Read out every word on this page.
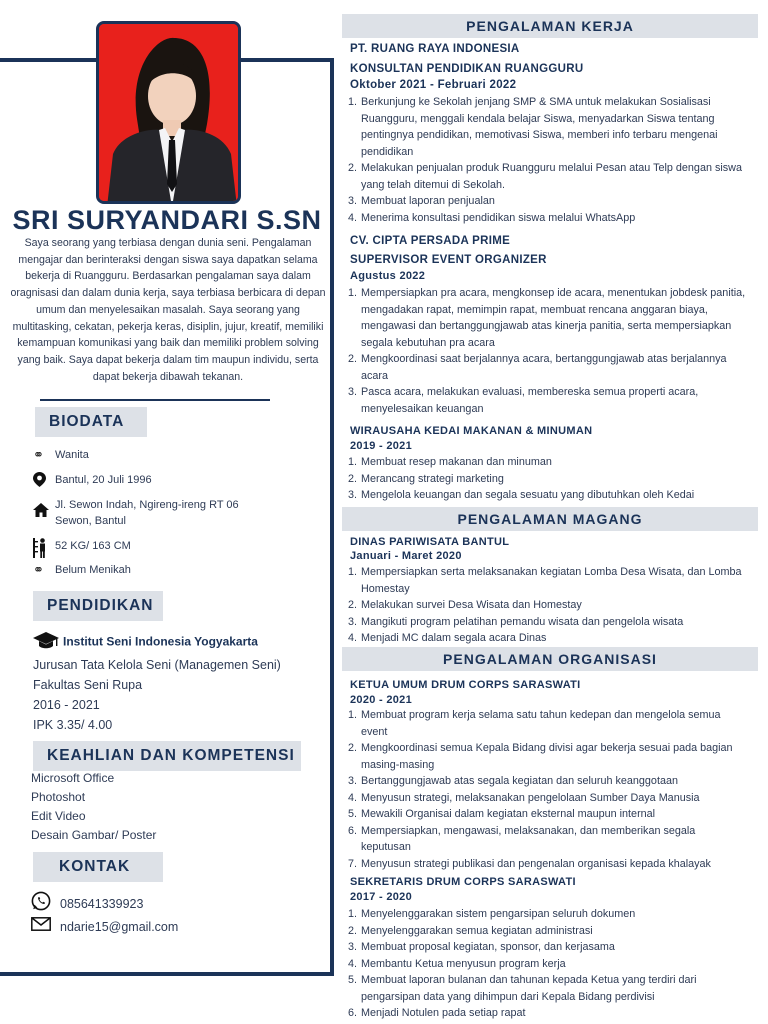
SRI SURYANDARI S.SN
Saya seorang yang terbiasa dengan dunia seni. Pengalaman mengajar dan berinteraksi dengan siswa saya dapatkan selama bekerja di Ruangguru. Berdasarkan pengalaman saya dalam oragnisasi dan dalam dunia kerja, saya terbiasa berbicara di depan umum dan menyelesaikan masalah. Saya seorang yang multitasking, cekatan, pekerja keras, disiplin, jujur, kreatif, memiliki kemampuan komunikasi yang baik dan memiliki problem solving yang baik. Saya dapat bekerja dalam tim maupun individu, serta dapat bekerja dibawah tekanan.
BIODATA
⚭	Wanita
Bantul, 20 Juli 1996
Jl. Sewon Indah, Ngireng-ireng RT 06
Sewon, Bantul
52 KG/ 163 CM
⚭	Belum Menikah
PENDIDIKAN
Institut Seni Indonesia Yogyakarta
Jurusan Tata Kelola Seni (Managemen Seni)
Fakultas Seni Rupa
2016 - 2021
IPK 3.35/ 4.00
KEAHLIAN DAN KOMPETENSI
Microsoft Office
Photoshot
Edit Video
Desain Gambar/ Poster
KONTAK
085641339923
ndarie15@gmail.com
PENGALAMAN KERJA
PT. RUANG RAYA INDONESIA
KONSULTAN PENDIDIKAN RUANGGURU
Oktober 2021 - Februari 2022
1. Berkunjung ke Sekolah jenjang SMP & SMA untuk melakukan Sosialisasi Ruangguru, menggali kendala belajar Siswa, menyadarkan Siswa tentang pentingnya pendidikan, memotivasi Siswa, memberi info terbaru mengenai pendidikan
2. Melakukan penjualan produk Ruangguru melalui Pesan atau Telp dengan siswa yang telah ditemui di Sekolah.
3. Membuat laporan penjualan
4. Menerima konsultasi pendidikan siswa melalui WhatsApp
CV. CIPTA PERSADA PRIME
SUPERVISOR EVENT ORGANIZER
Agustus 2022
1. Mempersiapkan pra acara, mengkonsep ide acara, menentukan jobdesk panitia, mengadakan rapat, memimpin rapat, membuat rencana anggaran biaya, mengawasi dan bertanggungjawab atas kinerja panitia, serta mempersiapkan segala kebutuhan pra acara
2. Mengkoordinasi saat berjalannya acara, bertanggungjawab atas berjalannya acara
3. Pasca acara, melakukan evaluasi, membereska semua properti acara, menyelesaikan keuangan
WIRAUSAHA KEDAI MAKANAN & MINUMAN
2019 - 2021
1. Membuat resep makanan dan minuman
2. Merancang strategi marketing
3. Mengelola keuangan dan segala sesuatu yang dibutuhkan oleh Kedai
PENGALAMAN MAGANG
DINAS PARIWISATA BANTUL
Januari - Maret 2020
1. Mempersiapkan serta melaksanakan kegiatan Lomba Desa Wisata, dan Lomba Homestay
2. Melakukan survei Desa Wisata dan Homestay
3. Mangikuti program pelatihan pemandu wisata dan pengelola wisata
4. Menjadi MC dalam segala acara Dinas
PENGALAMAN ORGANISASI
KETUA UMUM DRUM CORPS SARASWATI
2020 - 2021
1. Membuat program kerja selama satu tahun kedepan dan mengelola semua event
2. Mengkoordinasi semua Kepala Bidang divisi agar bekerja sesuai pada bagian masing-masing
3. Bertanggungjawab atas segala kegiatan dan seluruh keanggotaan
4. Menyusun strategi, melaksanakan pengelolaan Sumber Daya Manusia
5. Mewakili Organisai dalam kegiatan eksternal maupun internal
6. Mempersiapkan, mengawasi, melaksanakan, dan memberikan segala keputusan
7. Menyusun strategi publikasi dan pengenalan organisasi kepada khalayak
SEKRETARIS DRUM CORPS SARASWATI
2017 - 2020
1. Menyelenggarakan sistem pengarsipan seluruh dokumen
2. Menyelenggarakan semua kegiatan administrasi
3. Membuat proposal kegiatan, sponsor, dan kerjasama
4. Membantu Ketua menyusun program kerja
5. Membuat laporan bulanan dan tahunan kepada Ketua yang terdiri dari pengarsipan data yang dihimpun dari Kepala Bidang perdivisi
6. Menjadi Notulen pada setiap rapat
